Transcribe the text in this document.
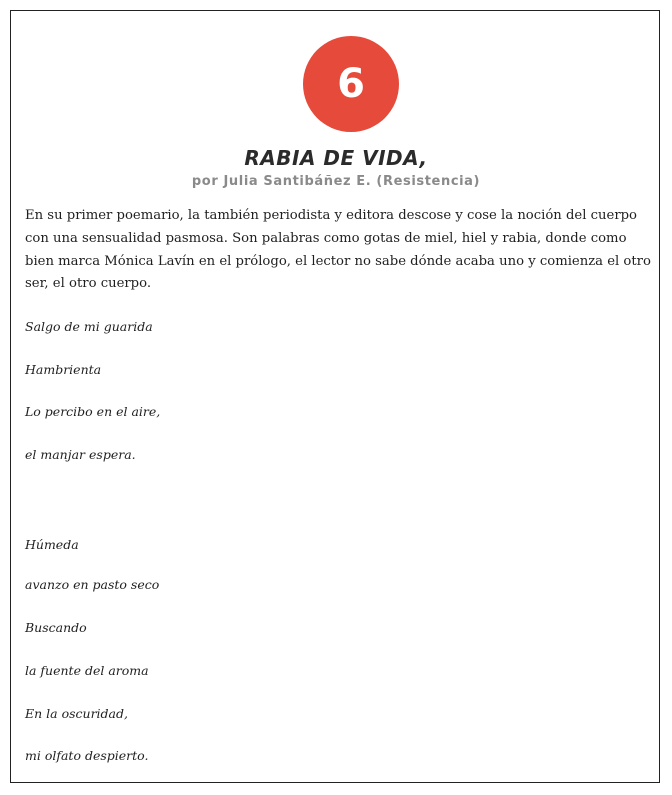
6
RABIA DE VIDA,
por Julia Santibáñez E. (Resistencia)
En su primer poemario, la también periodista y editora descose y cose la noción del cuerpo con una sensualidad pasmosa. Son palabras como gotas de miel, hiel y rabia, donde como bien marca Mónica Lavín en el prólogo, el lector no sabe dónde acaba uno y comienza el otro ser, el otro cuerpo.
Salgo de mi guarida
Hambrienta
Lo percibo en el aire,
el manjar espera.
Húmeda
avanzo en pasto seco
Buscando
la fuente del aroma
En la oscuridad,
mi olfato despierto.
